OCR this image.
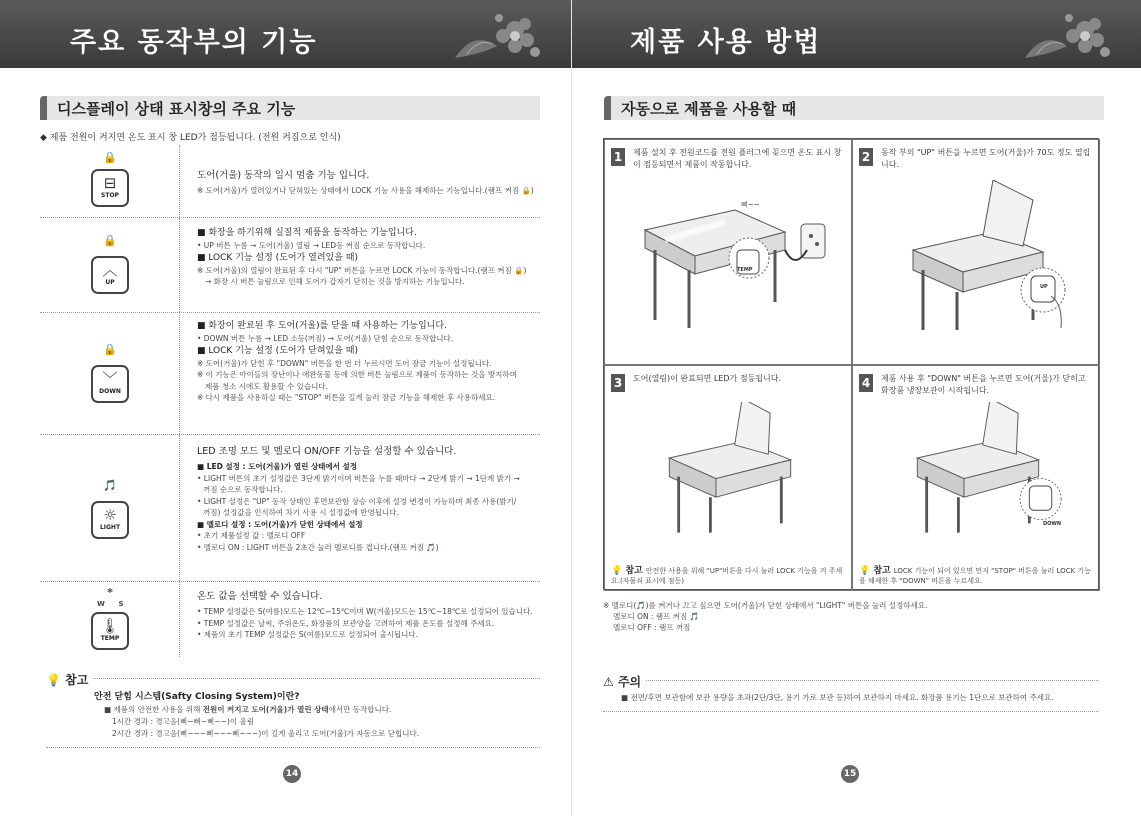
주요 동작부의 기능
디스플레이 상태 표시창의 주요 기능
◆ 제품 전원이 켜지면 온도 표시 창 LED가 점등됩니다. (전원 켜짐으로 인식)
🔒
⊟
STOP
도어(거울) 동작의 일시 멈춤 기능 입니다.
※ 도어(거울)가 열려있거나 닫혀있는 상태에서 LOCK 기능 사용을 해제하는 기능입니다.(램프 켜짐 🔒)
🔒
︿
UP
■ 화장을 하기위해 실질적 제품을 동작하는 기능입니다.
• UP 버튼 누름 → 도어(거울) 열림 → LED등 켜짐 순으로 동작합니다.
■ LOCK 기능 설정 (도어가 열려있을 때)
※ 도어(거울)의 열림이 완료된 후 다시 "UP" 버튼을 누르면 LOCK 기능이 동작합니다.(램프 켜짐 🔒)
→ 화장 시 버튼 눌림으로 인해 도어가 갑자기 닫히는 것을 방지하는 기능입니다.
🔒
﹀
DOWN
■ 화장이 완료된 후 도어(거울)를 닫을 때 사용하는 기능입니다.
• DOWN 버튼 누름 → LED 소등(꺼짐) → 도어(거울) 닫힘 순으로 동작합니다.
■ LOCK 기능 설정 (도어가 닫혀있을 때)
※ 도어(거울)가 닫힌 후 "DOWN" 버튼을 한 번 더 누르시면 도어 잠금 기능이 설정됩니다.
※ 이 기능은 아이들의 장난이나 애완동물 등에 의한 버튼 눌림으로 제품이 동작하는 것을 방지하며
제품 청소 시에도 활용할 수 있습니다.
※ 다시 제품을 사용하실 때는 "STOP" 버튼을 길게 눌러 잠금 기능을 해제한 후 사용하세요.
🎵
☼
LIGHT
LED 조명 모드 및 멜로디 ON/OFF 기능을 설정할 수 있습니다.
■ LED 설정 : 도어(거울)가 열린 상태에서 설정
• LIGHT 버튼의 초기 설정값은 3단계 밝기이며 버튼을 누를 때마다 → 2단계 밝기 → 1단계 밝기 →
꺼짐 순으로 동작합니다.
• LIGHT 설정은 "UP" 동작 상태인 후면보관함 상승 이후에 설정 변경이 가능하며 최종 사용(밝기/
꺼짐) 설정값을 인식하여 차기 사용 시 설정값에 반영됩니다.
■ 멜로디 설정 : 도어(거울)가 닫힌 상태에서 설정
• 초기 제품설정 값 : 멜로디 OFF
• 멜로디 ON : LIGHT 버튼을 2초간 눌러 멜로디를 켭니다.(램프 켜짐 🎵)
*
W	S
🌡
TEMP
온도 값을 선택할 수 있습니다.
• TEMP 설정값은 S(여름)모드는 12℃~15℃이며 W(겨울)모드는 15℃~18℃로 설정되어 있습니다.
• TEMP 설정값은 날씨, 주위온도, 화장품의 보관양을 고려하여 제품 온도를 설정해 주세요.
• 제품의 초기 TEMP 설정값은 S(여름)모드로 설정되어 출시됩니다.
💡 참고
안전 닫힘 시스템(Safty Closing System)이란?
■ 제품의 안전한 사용을 위해 전원이 켜지고 도어(거울)가 열린 상태에서만 동작합니다.
1시간 경과 : 경고음(삐~삐~삐~~)이 울림
2시간 경과 : 경고음(삐~~~삐~~~삐~~~)이 길게 울리고 도어(거울)가 자동으로 닫힙니다.
14
제품 사용 방법
자동으로 제품을 사용할 때
1	제품 설치 후 전원코드를 전원 플러그에 꽂으면 온도 표시 창이 점등되면서 제품이 작동합니다.
삐~~
TEMP
2	동작 부의 "UP" 버튼을 누르면 도어(거울)가 70도 정도 열립니다.
UP
3	도어(열림)이 완료되면 LED가 점등됩니다.
💡 참고 안전한 사용을 위해 "UP"버튼을 다시 눌러 LOCK 기능을 켜 주세요.(자물쇠 표시에 점등)
4	제품 사용 후 "DOWN" 버튼을 누르면 도어(거울)가 닫히고 화장품 냉장보관이 시작됩니다.
DOWN
💡 참고 LOCK 기능이 되어 있으면 먼저 "STOP" 버튼을 눌러 LOCK 기능을 해제한 후 "DOWN" 버튼을 누르세요.
※ 멜로디(🎵)를 켜거나 끄고 싶으면 도어(거울)가 닫힌 상태에서 "LIGHT" 버튼을 눌러 설정하세요.
멜로디 ON : 램프 켜짐 🎵
멜로디 OFF : 램프 꺼짐
⚠ 주의
■ 전면/후면 보관함에 보관 용량을 초과(2단/3단, 용기 가로 보관 등)하여 보관하지 마세요. 화장품 용기는 1단으로 보관하여 주세요.
15
